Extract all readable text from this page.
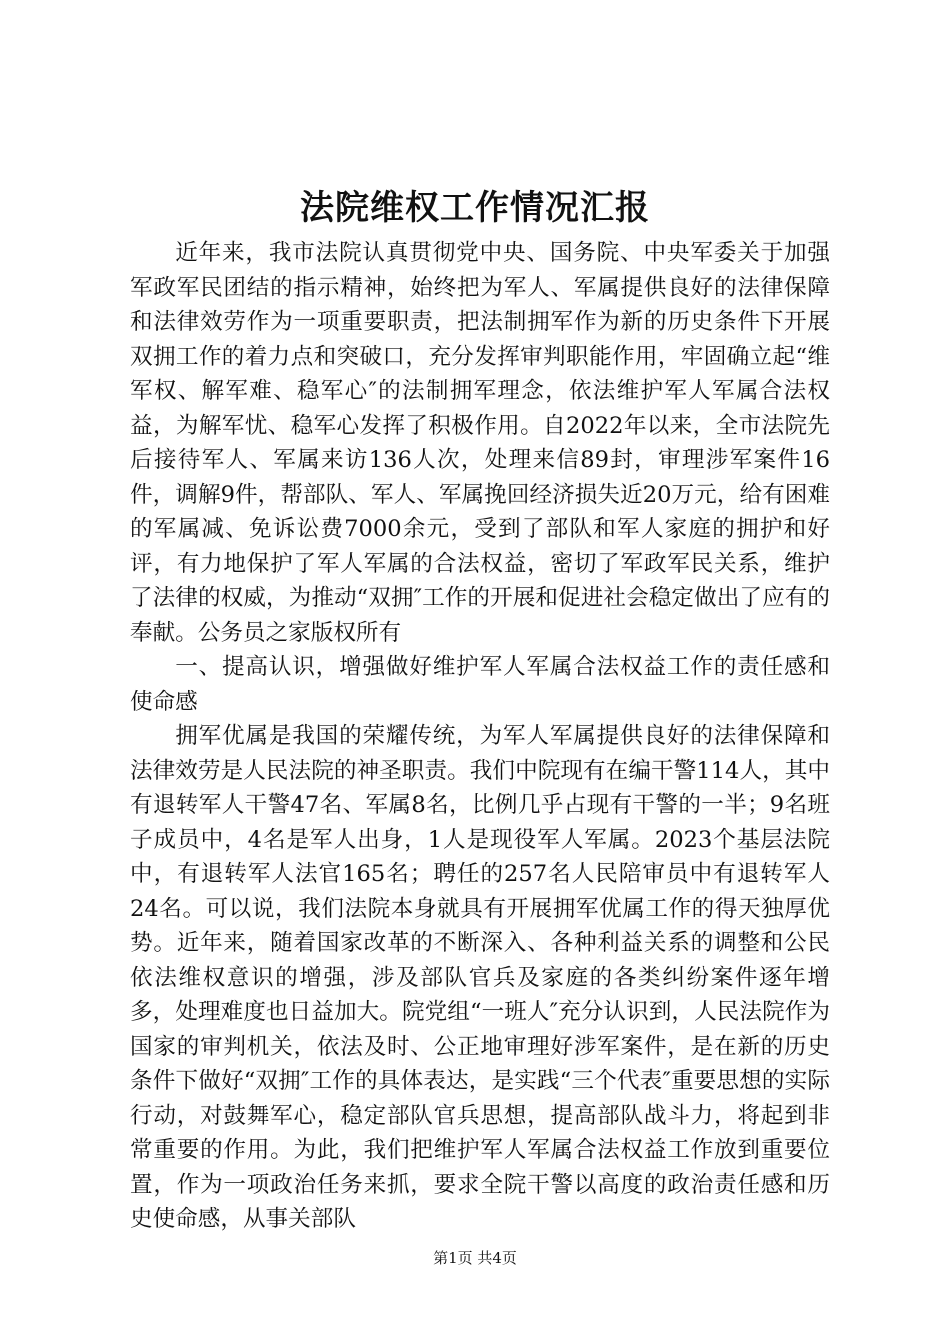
法院维权工作情况汇报

近年来，我市法院认真贯彻党中央、国务院、中央军委关于加强军政军民团结的指示精神，始终把为军人、军属提供良好的法律保障和法律效劳作为一项重要职责，把法制拥军作为新的历史条件下开展双拥工作的着力点和突破口，充分发挥审判职能作用，牢固确立起“维军权、解军难、稳军心″的法制拥军理念，依法维护军人军属合法权益，为解军忧、稳军心发挥了积极作用。自2022年以来，全市法院先后接待军人、军属来访136人次，处理来信89封，审理涉军案件16件，调解9件，帮部队、军人、军属挽回经济损失近20万元，给有困难的军属减、免诉讼费7000余元，受到了部队和军人家庭的拥护和好评，有力地保护了军人军属的合法权益，密切了军政军民关系，维护了法律的权威，为推动“双拥″工作的开展和促进社会稳定做出了应有的奉献。公务员之家版权所有

一、提高认识，增强做好维护军人军属合法权益工作的责任感和使命感

拥军优属是我国的荣耀传统，为军人军属提供良好的法律保障和法律效劳是人民法院的神圣职责。我们中院现有在编干警114人，其中有退转军人干警47名、军属8名，比例几乎占现有干警的一半；9名班子成员中，4名是军人出身，1人是现役军人军属。2023个基层法院中，有退转军人法官165名；聘任的257名人民陪审员中有退转军人24名。可以说，我们法院本身就具有开展拥军优属工作的得天独厚优势。近年来，随着国家改革的不断深入、各种利益关系的调整和公民依法维权意识的增强，涉及部队官兵及家庭的各类纠纷案件逐年增多，处理难度也日益加大。院党组“一班人″充分认识到，人民法院作为国家的审判机关，依法及时、公正地审理好涉军案件，是在新的历史条件下做好“双拥″工作的具体表达，是实践“三个代表″重要思想的实际行动，对鼓舞军心，稳定部队官兵思想，提高部队战斗力，将起到非常重要的作用。为此，我们把维护军人军属合法权益工作放到重要位置，作为一项政治任务来抓，要求全院干警以高度的政治责任感和历史使命感，从事关部队

第1页 共4页
